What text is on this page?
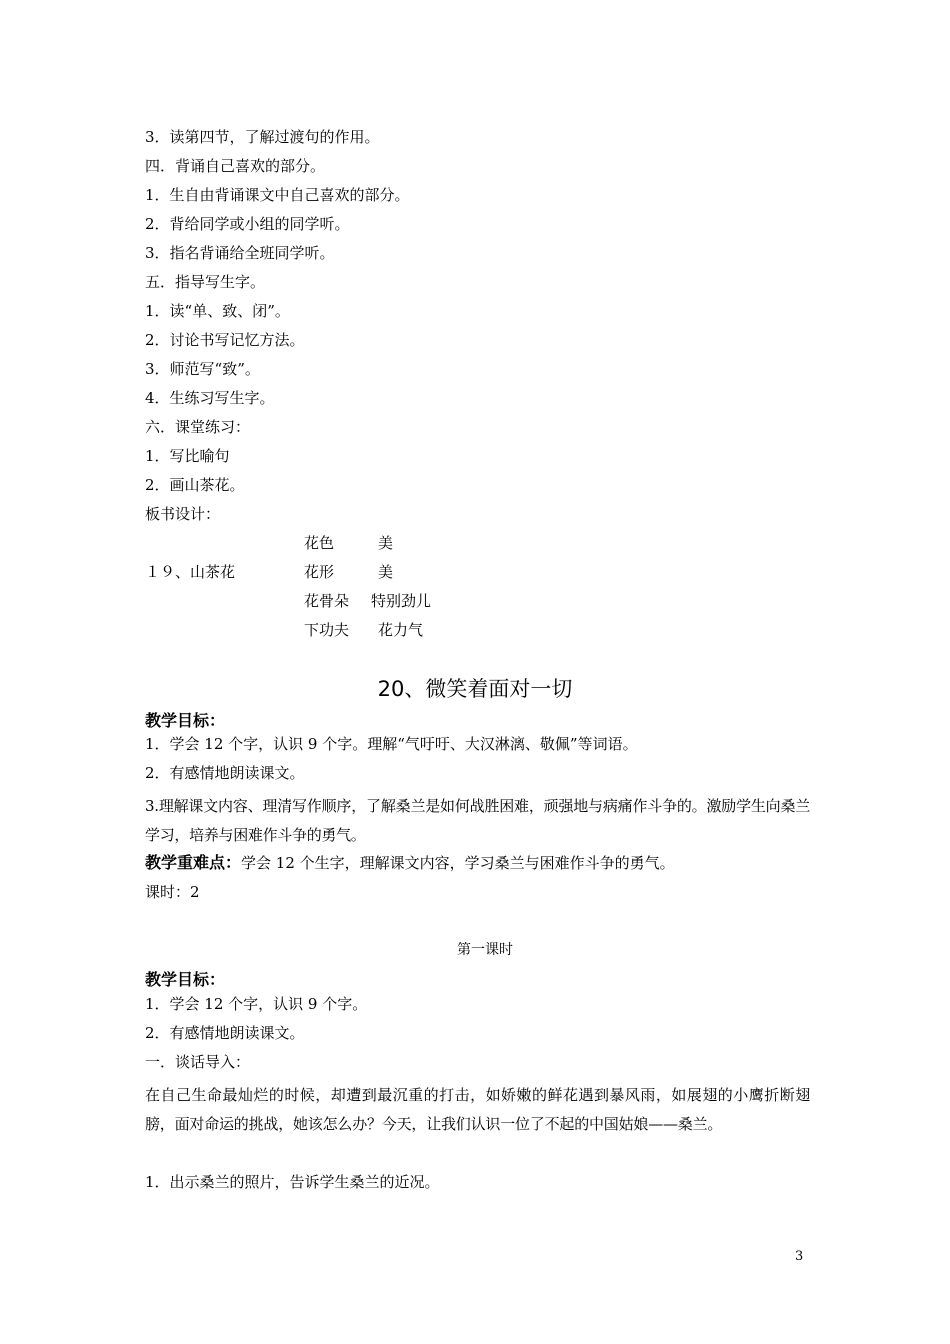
3．读第四节，了解过渡句的作用。
四．背诵自己喜欢的部分。
1．生自由背诵课文中自己喜欢的部分。
2．背给同学或小组的同学听。
3．指名背诵给全班同学听。
五．指导写生字。
1．读“单、致、闭”。
2．讨论书写记忆方法。
3．师范写“致”。
4．生练习写生字。
六．课堂练习：
1．写比喻句
2．画山茶花。
板书设计：
１９、山茶花
花色	美
花形	美
花骨朵 特别劲儿
下功夫 花力气
20、微笑着面对一切
教学目标：
1．学会 12 个字，认识 9 个字。理解“气吁吁、大汉淋漓、敬佩”等词语。
2．有感情地朗读课文。
3.理解课文内容、理清写作顺序，了解桑兰是如何战胜困难，顽强地与病痛作斗争的。激励学生向桑兰学习，培养与困难作斗争的勇气。
教学重难点：学会 12 个生字，理解课文内容，学习桑兰与困难作斗争的勇气。
课时：2
第一课时
教学目标：
1．学会 12 个字，认识 9 个字。
2．有感情地朗读课文。
一．谈话导入：
在自己生命最灿烂的时候，却遭到最沉重的打击，如娇嫩的鲜花遇到暴风雨，如展翅的小鹰折断翅膀，面对命运的挑战，她该怎么办？今天，让我们认识一位了不起的中国姑娘——桑兰。
1．出示桑兰的照片，告诉学生桑兰的近况。
3
